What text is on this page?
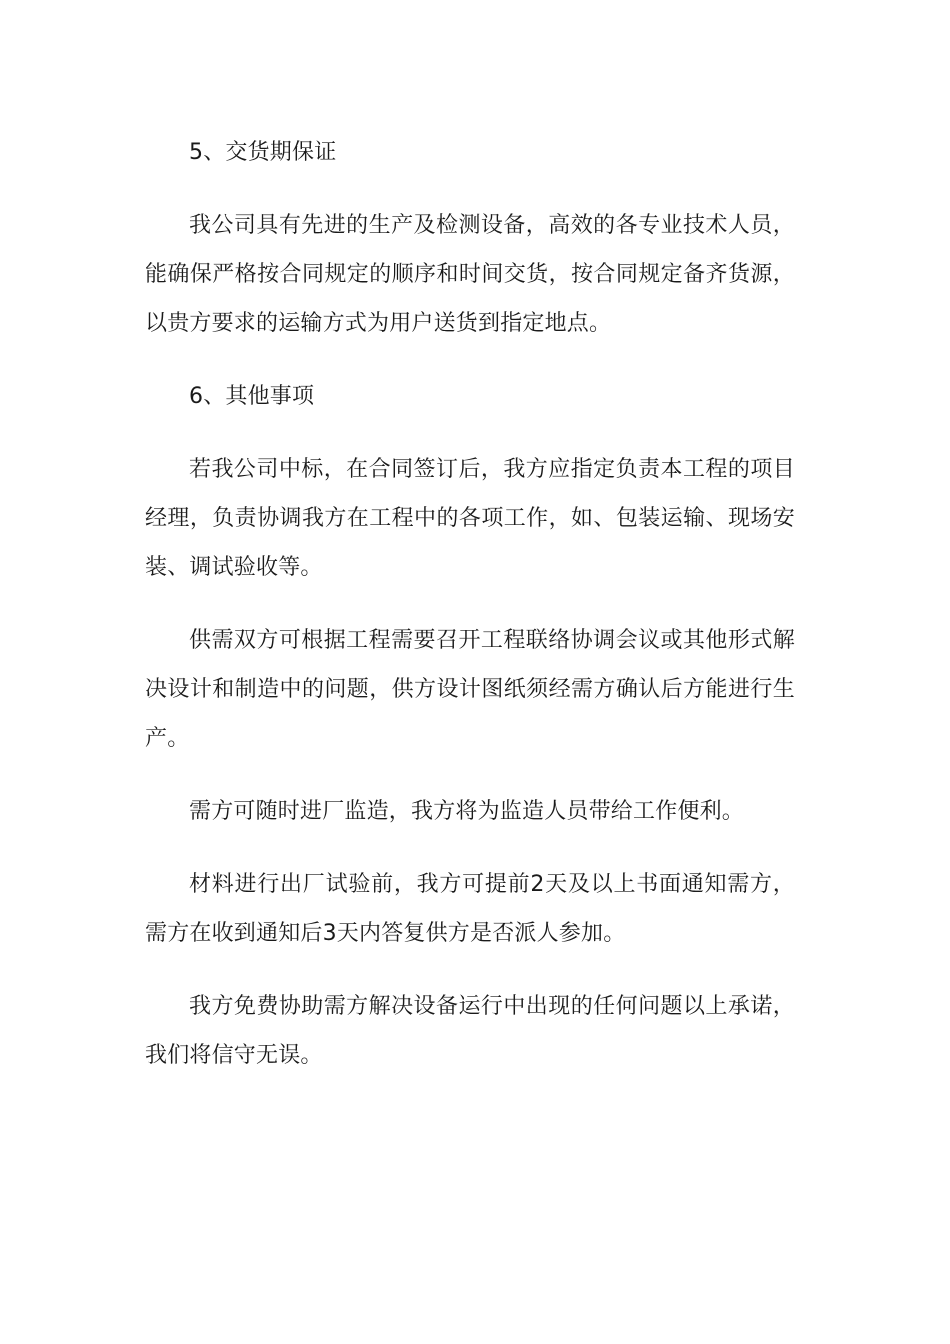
5、交货期保证

我公司具有先进的生产及检测设备，高效的各专业技术人员，能确保严格按合同规定的顺序和时间交货，按合同规定备齐货源，以贵方要求的运输方式为用户送货到指定地点。

6、其他事项

若我公司中标，在合同签订后，我方应指定负责本工程的项目经理，负责协调我方在工程中的各项工作，如、包装运输、现场安装、调试验收等。

供需双方可根据工程需要召开工程联络协调会议或其他形式解决设计和制造中的问题，供方设计图纸须经需方确认后方能进行生产。

需方可随时进厂监造，我方将为监造人员带给工作便利。

材料进行出厂试验前，我方可提前2天及以上书面通知需方，需方在收到通知后3天内答复供方是否派人参加。

我方免费协助需方解决设备运行中出现的任何问题以上承诺，我们将信守无误。
